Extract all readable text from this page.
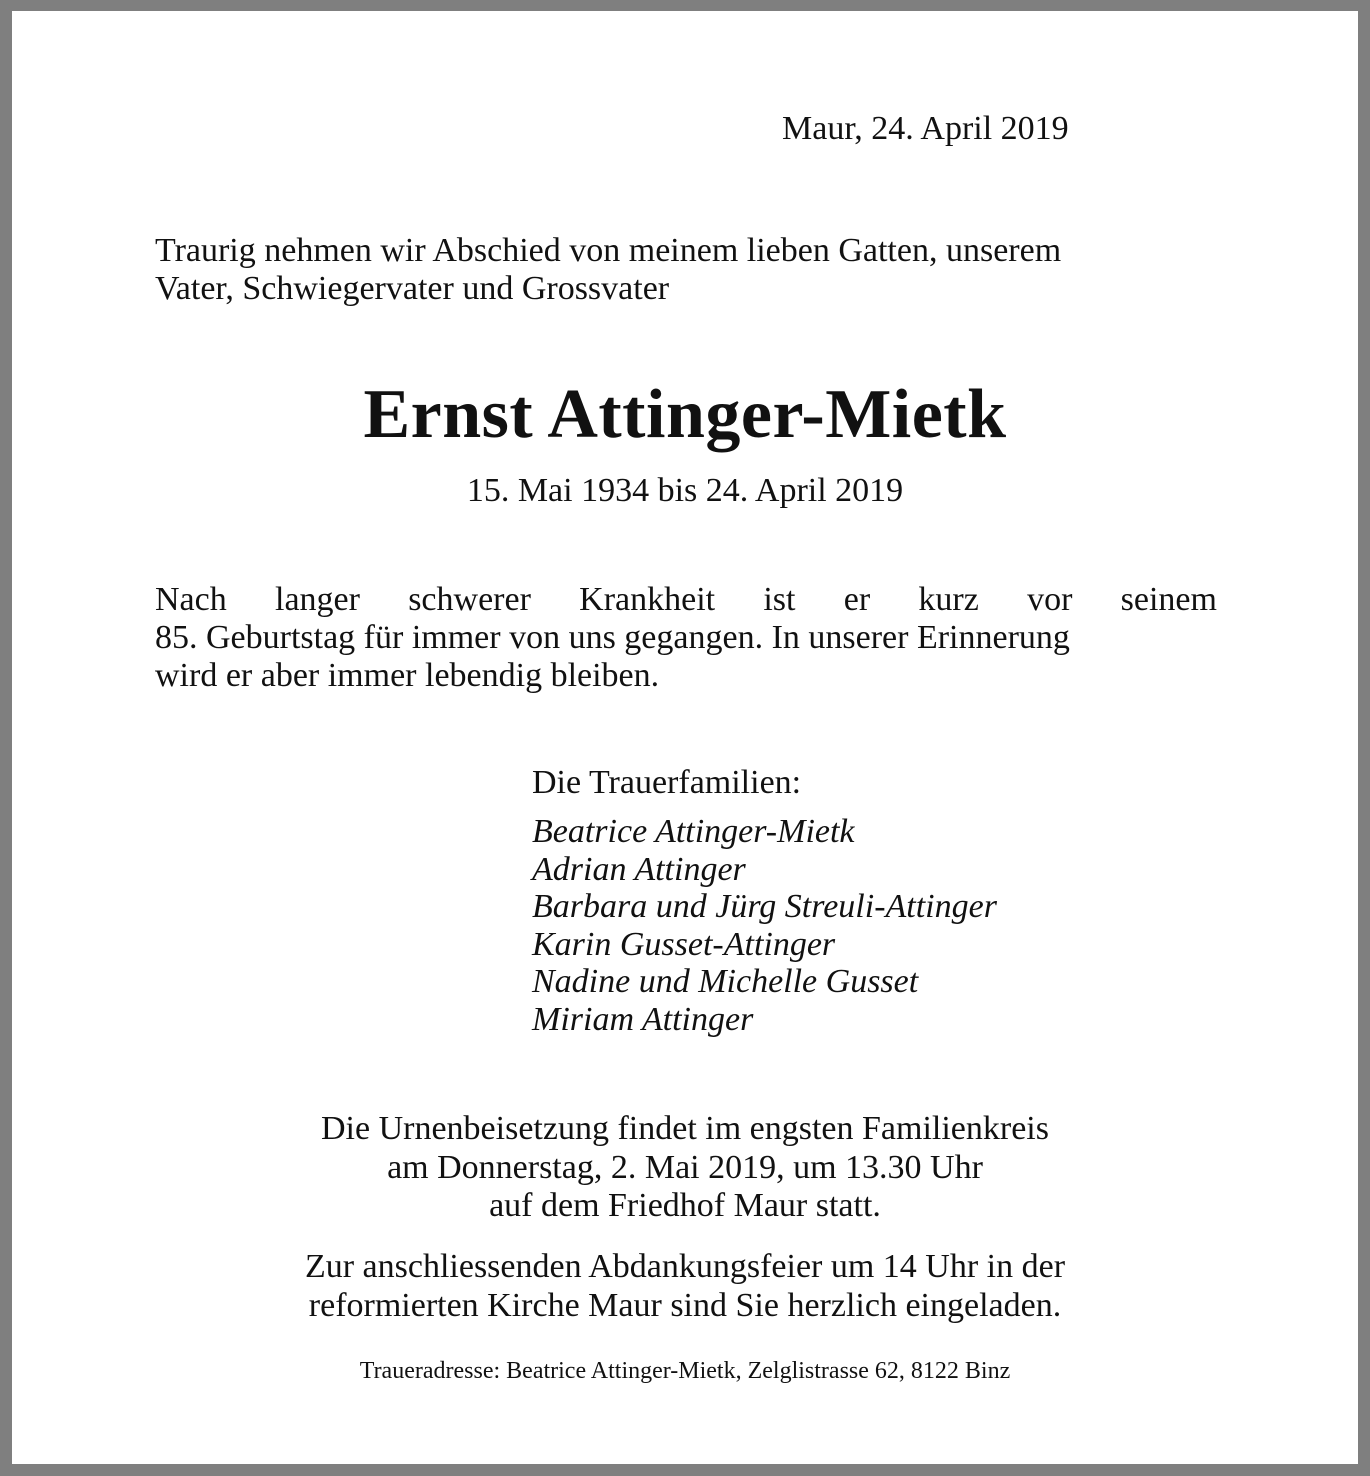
Maur, 24. April 2019
Traurig nehmen wir Abschied von meinem lieben Gatten, unserem
Vater, Schwiegervater und Grossvater
Ernst Attinger-Mietk
15. Mai 1934 bis 24. April 2019
Nach langer schwerer Krankheit ist er kurz vor seinem
85. Geburtstag für immer von uns gegangen. In unserer Erinnerung
wird er aber immer lebendig bleiben.
Die Trauerfamilien:
Beatrice Attinger-Mietk
Adrian Attinger
Barbara und Jürg Streuli-Attinger
Karin Gusset-Attinger
Nadine und Michelle Gusset
Miriam Attinger
Die Urnenbeisetzung findet im engsten Familienkreis
am Donnerstag, 2. Mai 2019, um 13.30 Uhr
auf dem Friedhof Maur statt.
Zur anschliessenden Abdankungsfeier um 14 Uhr in der
reformierten Kirche Maur sind Sie herzlich eingeladen.
Traueradresse: Beatrice Attinger-Mietk, Zelglistrasse 62, 8122 Binz
